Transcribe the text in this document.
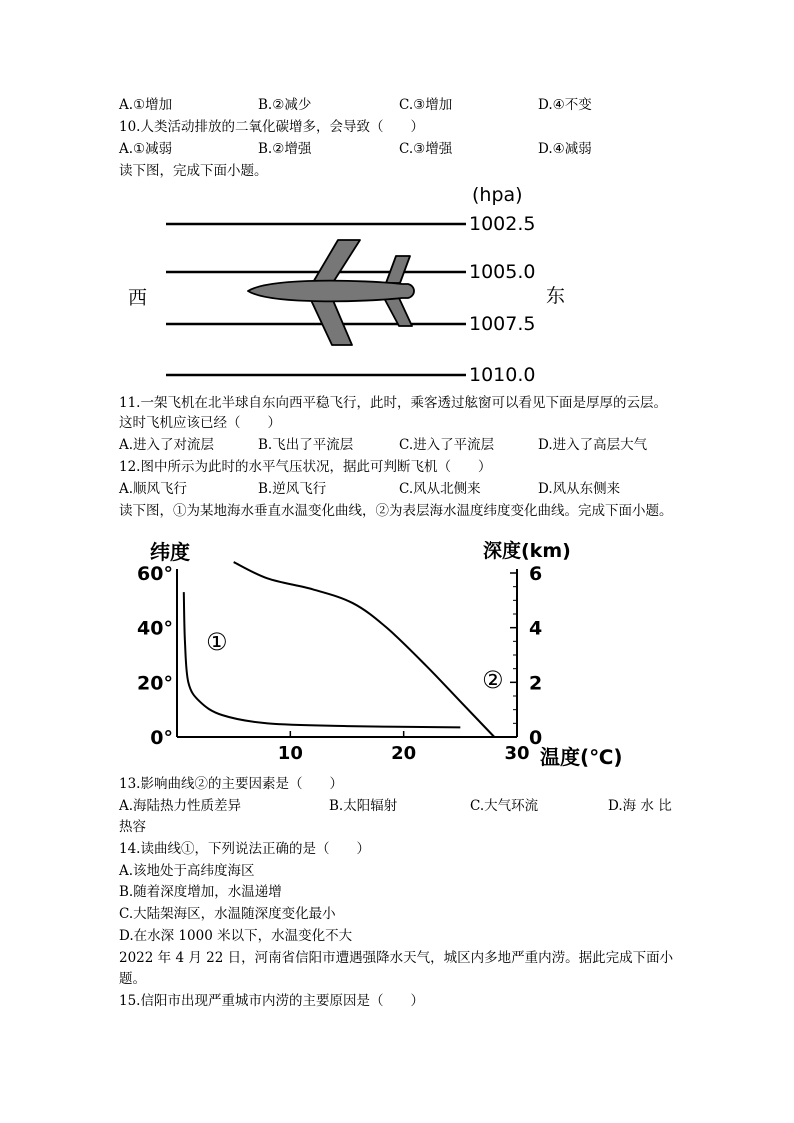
A.①增加	B.②减少	C.③增加	D.④不变
10.人类活动排放的二氧化碳增多，会导致（　　）
A.①减弱	B.②增强	C.③增强	D.④减弱
读下图，完成下面小题。
(hpa)
1002.5
1005.0
1007.5
1010.0
西	东
11.一架飞机在北半球自东向西平稳飞行，此时，乘客透过舷窗可以看见下面是厚厚的云层。
这时飞机应该已经（　　）
A.进入了对流层	B.飞出了平流层	C.进入了平流层	D.进入了高层大气
12.图中所示为此时的水平气压状况，据此可判断飞机（　　）
A.顺风飞行	B.逆风飞行	C.风从北侧来	D.风从东侧来
读下图，①为某地海水垂直水温变化曲线，②为表层海水温度纬度变化曲线。完成下面小题。
纬度	深度(km)
温度(℃)
10	20	30
0°
20°
40°
60°
0
2
4
6
①
②
13.影响曲线②的主要因素是（　　）
A.海陆热力性质差异	B.太阳辐射	C.大气环流	D.海 水 比
热容
14.读曲线①，下列说法正确的是（　　）
A.该地处于高纬度海区
B.随着深度增加，水温递增
C.大陆架海区，水温随深度变化最小
D.在水深 1000 米以下，水温变化不大
2022 年 4 月 22 日，河南省信阳市遭遇强降水天气，城区内多地严重内涝。据此完成下面小
题。
15.信阳市出现严重城市内涝的主要原因是（　　）
